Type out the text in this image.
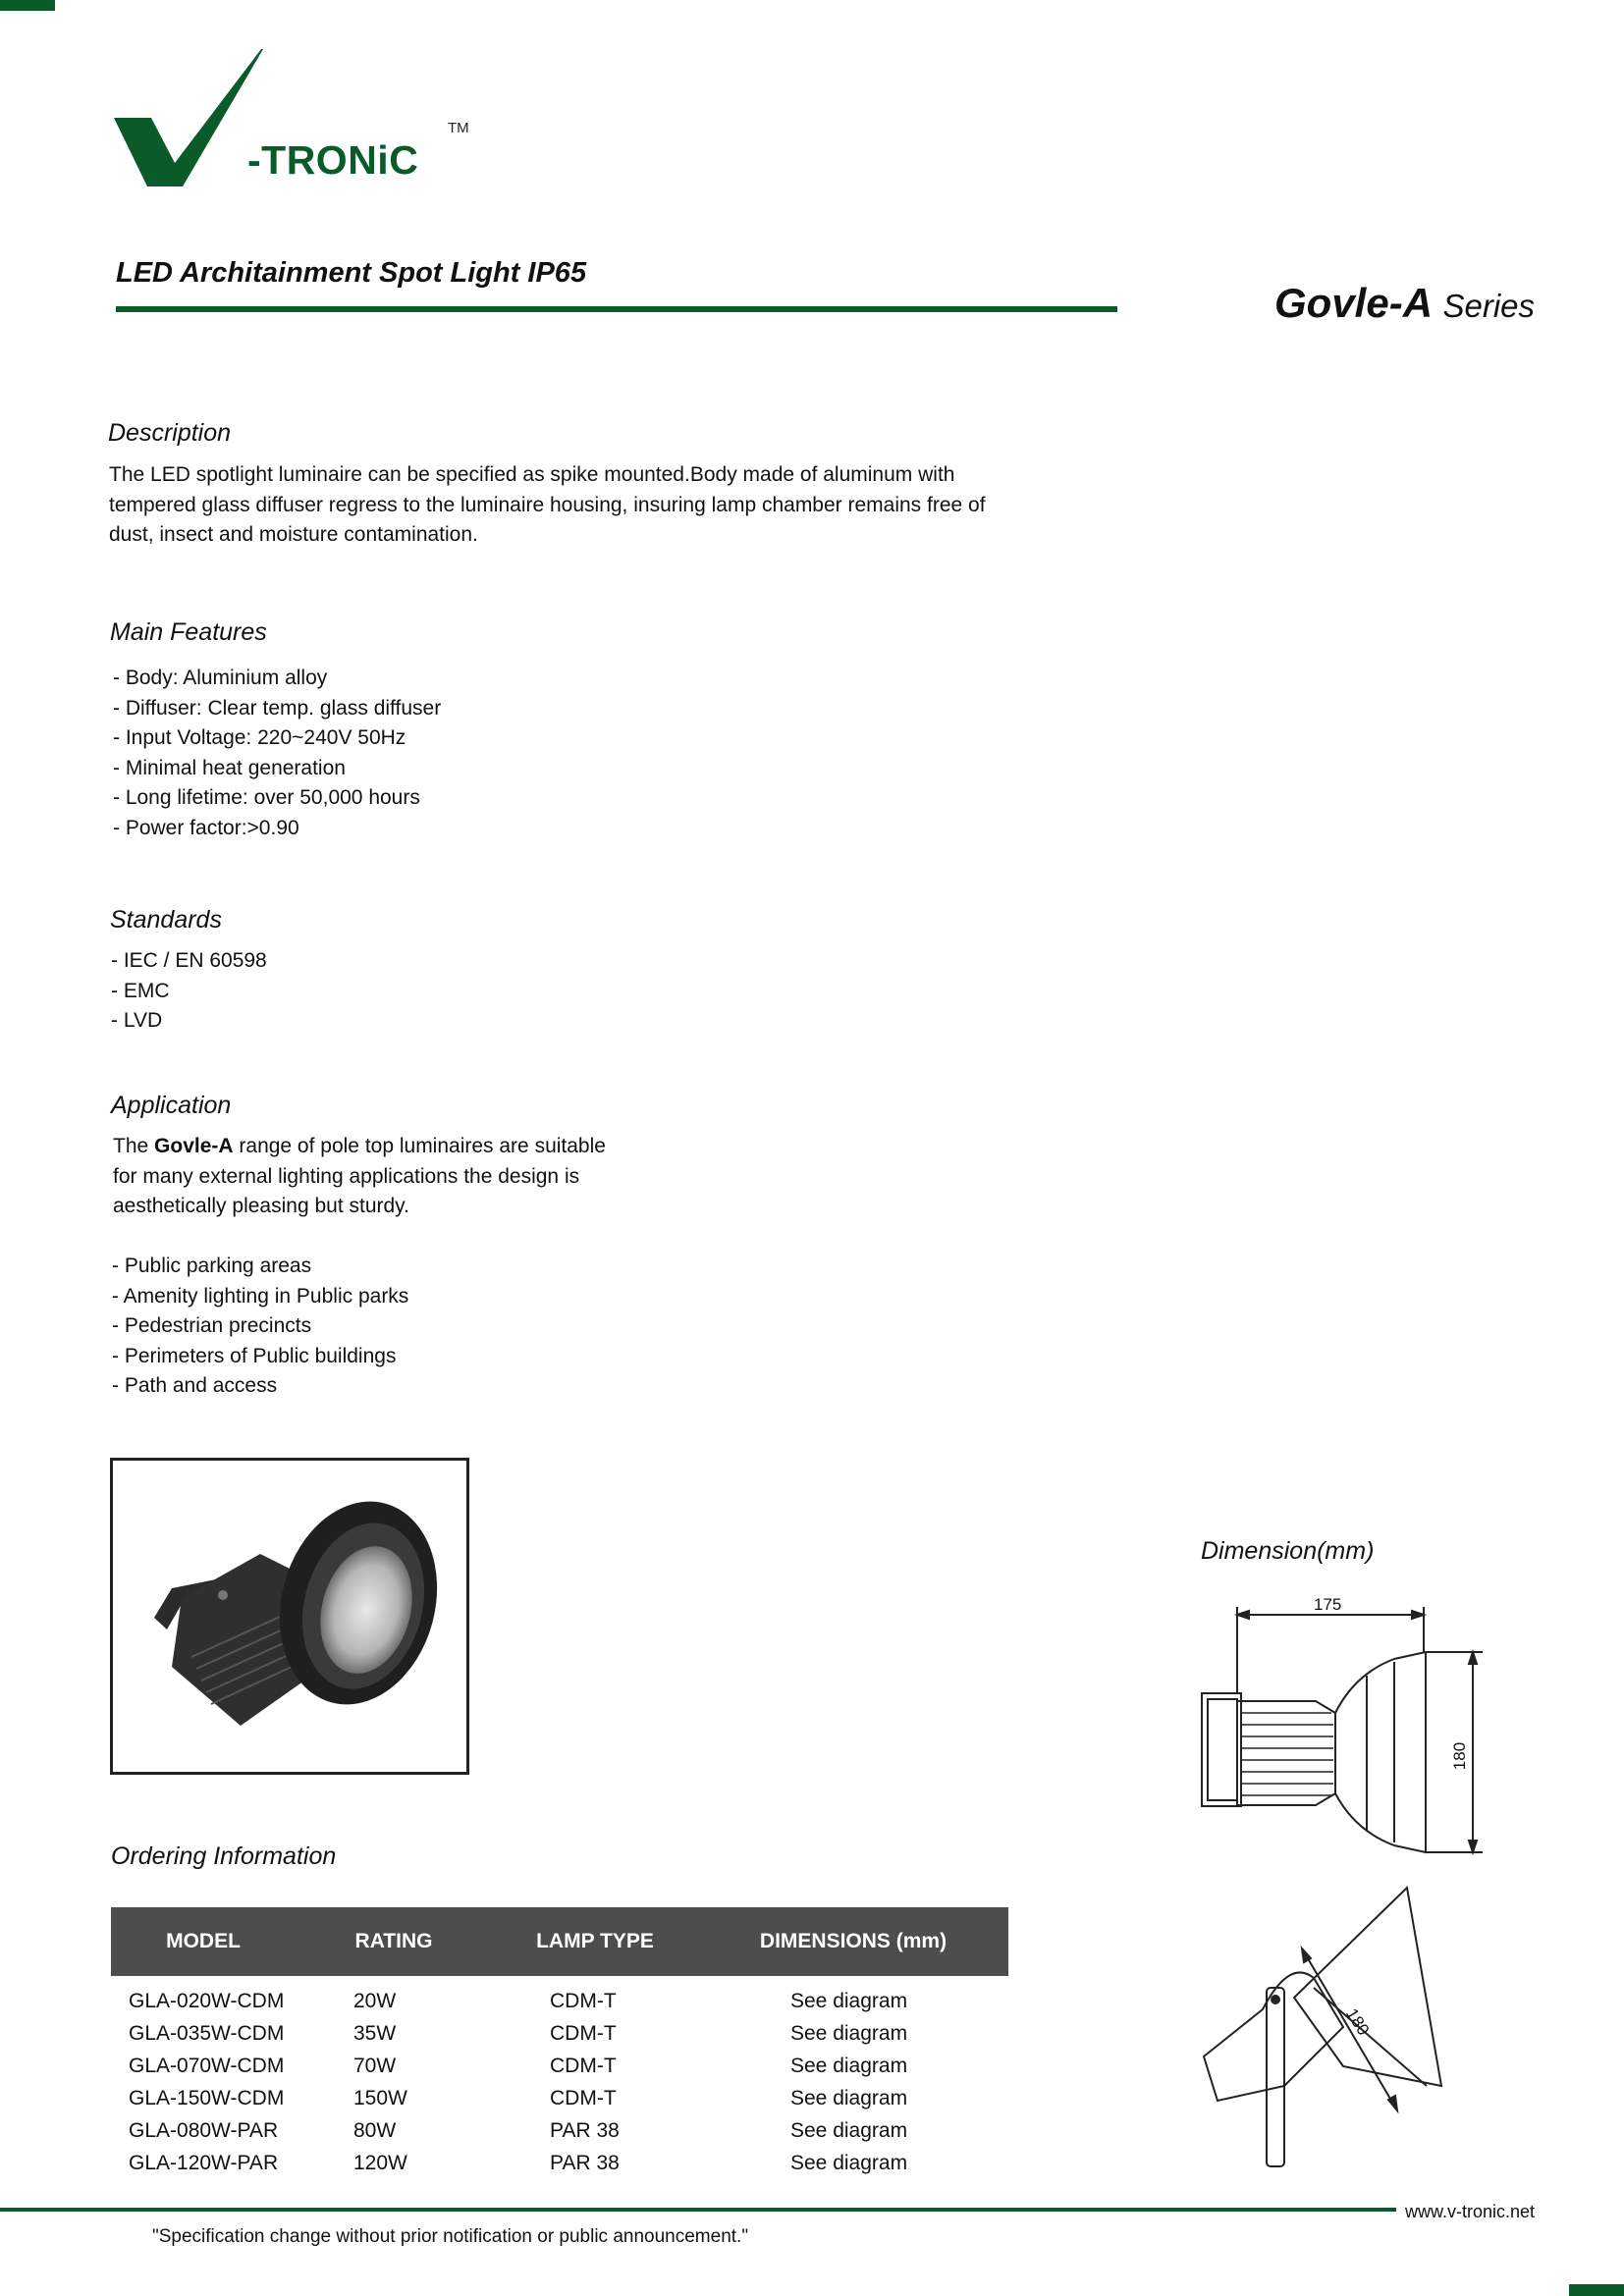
-TRONiC
TM
LED Architainment Spot Light IP65
Govle-A Series
Description
The LED spotlight luminaire can be specified as spike mounted.Body made of aluminum with tempered glass diffuser regress to the luminaire housing, insuring lamp chamber remains free of dust, insect and moisture contamination.
Main Features
- Body: Aluminium alloy
- Diffuser: Clear temp. glass diffuser
- Input Voltage: 220~240V 50Hz
- Minimal heat generation
- Long lifetime: over 50,000 hours
- Power factor:>0.90
Standards
- IEC / EN 60598
- EMC
- LVD
Application
The Govle-A range of pole top luminaires are suitable for many external lighting applications the design is aesthetically pleasing but sturdy.
- Public parking areas
- Amenity lighting in Public parks
- Pedestrian precincts
- Perimeters of Public buildings
- Path and access
Dimension(mm)
175
180
180
Ordering Information
MODEL	RATING	LAMP TYPE	DIMENSIONS (mm)

GLA-020W-CDM	20W	CDM-T	See diagram
GLA-035W-CDM	35W	CDM-T	See diagram
GLA-070W-CDM	70W	CDM-T	See diagram
GLA-150W-CDM	150W	CDM-T	See diagram
GLA-080W-PAR	80W	PAR 38	See diagram
GLA-120W-PAR	120W	PAR 38	See diagram
www.v-tronic.net
"Specification change without prior notification or public announcement."
